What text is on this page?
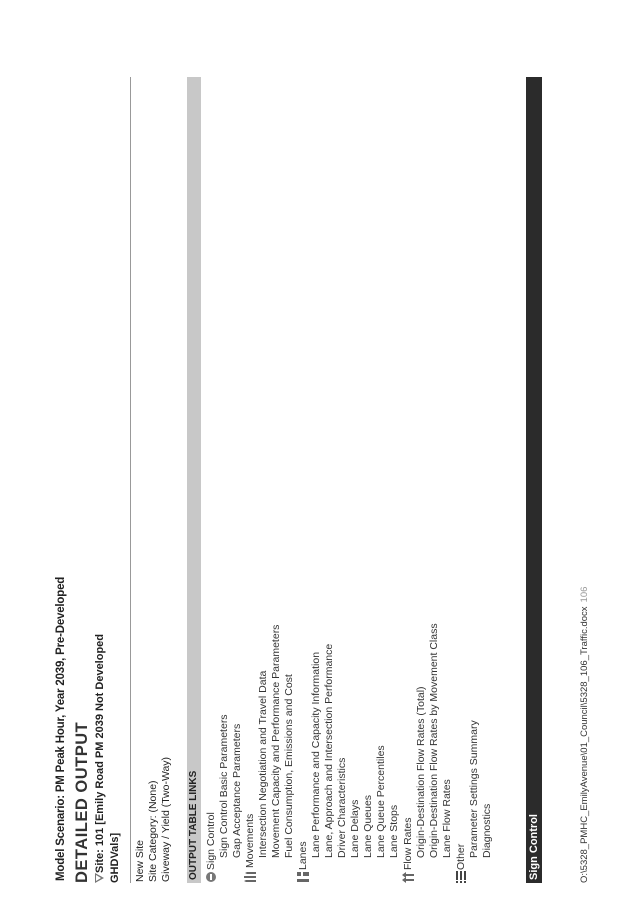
Model Scenario: PM Peak Hour, Year 2039, Pre-Developed DETAILED OUTPUT Site: 101 [Emily Road PM 2039 Not Developed GHDVals] New Site Site Category: (None) Giveway / Yield (Two-Way) OUTPUT TABLE LINKS Sign Control Sign Control Basic Parameters Gap Acceptance Parameters Movements Intersection Negotiation and Travel Data Movement Capacity and Performance Parameters Fuel Consumption, Emissions and Cost Lanes Lane Performance and Capacity Information Lane, Approach and Intersection Performance Driver Characteristics Lane Delays Lane Queues Lane Queue Percentiles Lane Stops Flow Rates Origin-Destination Flow Rates (Total) Origin-Destination Flow Rates by Movement Class Lane Flow Rates Other Parameter Settings Summary Diagnostics	Sign Control	O:\5328_PMHC_EmilyAvenue\01_Council\5328_106_Traffic.docx106
